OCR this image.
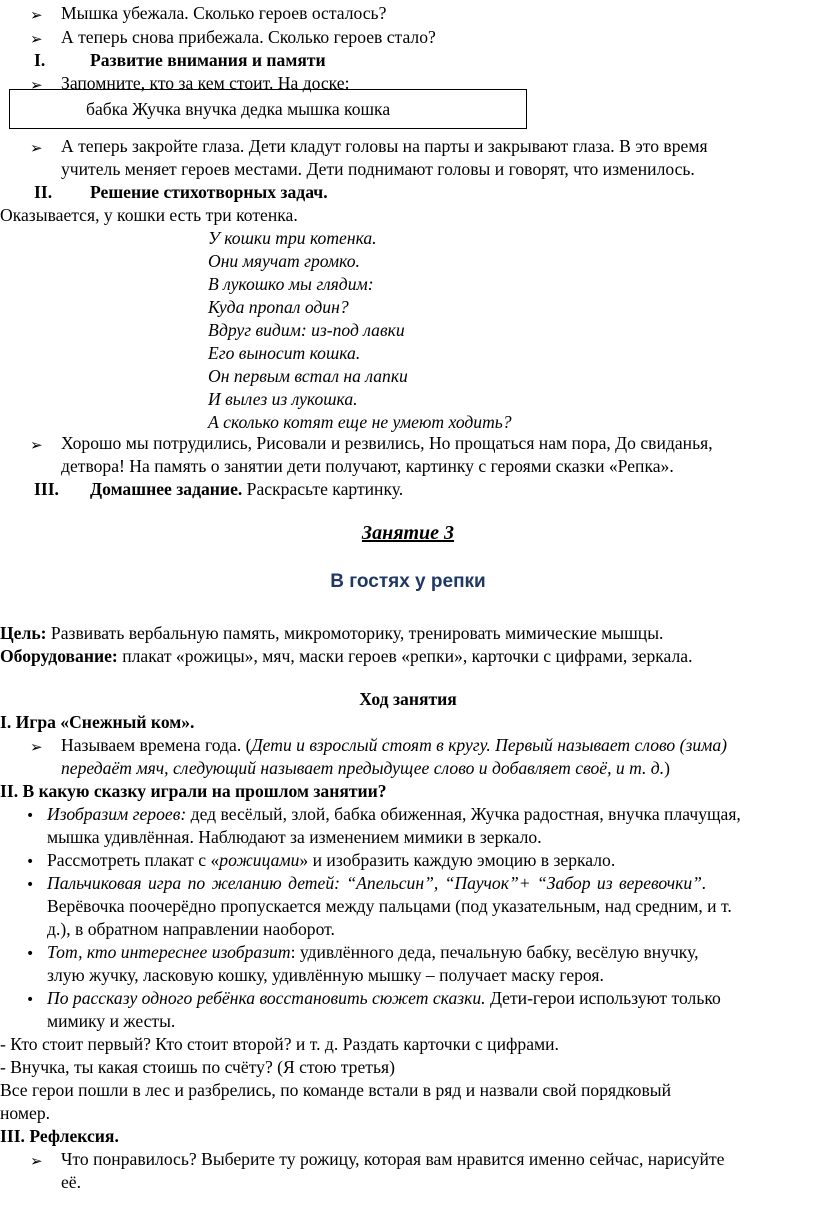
➢ Мышка убежала. Сколько героев осталось?
➢ А теперь снова прибежала. Сколько героев стало?
I.	Развитие внимания и памяти
➢ Запомните, кто за кем стоит. На доске:
бабка Жучка внучка дедка мышка кошка
➢ А теперь закройте глаза. Дети кладут головы на парты и закрывают глаза. В это время
учитель меняет героев местами. Дети поднимают головы и говорят, что изменилось.
II. Решение стихотворных задач.
Оказывается, у кошки есть три котенка.
У кошки три котенка.
Они мяучат громко.
В лукошко мы глядим:
Куда пропал один?
Вдруг видим: из-под лавки
Его выносит кошка.
Он первым встал на лапки
И вылез из лукошка.
А сколько котят еще не умеют ходить?
➢ Хорошо мы потрудились, Рисовали и резвились, Но прощаться нам пора, До свиданья,
детвора! На память о занятии дети получают, картинку с героями сказки «Репка».
III. Домашнее задание. Раскрасьте картинку.
Занятие 3
В гостях у репки
Цель: Развивать вербальную память, микромоторику, тренировать мимические мышцы.
Оборудование: плакат «рожицы», мяч, маски героев «репки», карточки с цифрами, зеркала.
Ход занятия
I. Игра «Снежный ком».
➢ Называем времена года. (Дети и взрослый стоят в кругу. Первый называет слово (зима)
передаёт мяч, следующий называет предыдущее слово и добавляет своё, и т. д.)
II. В какую сказку играли на прошлом занятии?
• Изобразим героев: дед весёлый, злой, бабка обиженная, Жучка радостная, внучка плачущая,
мышка удивлённая. Наблюдают за изменением мимики в зеркало.
• Рассмотреть плакат с «рожицами» и изобразить каждую эмоцию в зеркало.
• Пальчиковая игра по желанию детей: “Апельсин”, “Паучок”+ “Забор из веревочки”.
Верёвочка поочерёдно пропускается между пальцами (под указательным, над средним, и т.
д.), в обратном направлении наоборот.
• Тот, кто интереснее изобразит: удивлённого деда, печальную бабку, весёлую внучку,
злую жучку, ласковую кошку, удивлённую мышку – получает маску героя.
• По рассказу одного ребёнка восстановить сюжет сказки. Дети-герои используют только
мимику и жесты.
- Кто стоит первый? Кто стоит второй? и т. д. Раздать карточки с цифрами.
- Внучка, ты какая стоишь по счёту? (Я стою третья)
Все герои пошли в лес и разбрелись, по команде встали в ряд и назвали свой порядковый
номер.
III. Рефлексия.
➢ Что понравилось? Выберите ту рожицу, которая вам нравится именно сейчас, нарисуйте
её.
